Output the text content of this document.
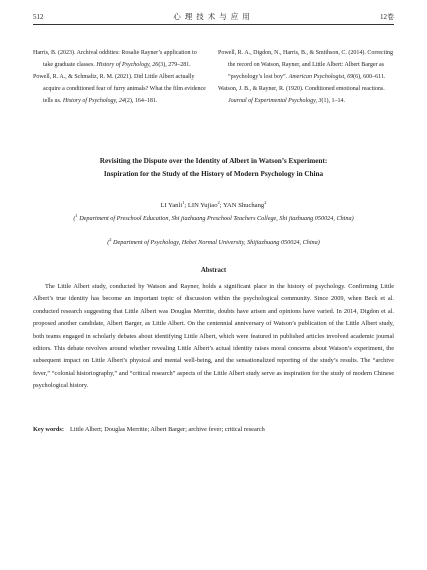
512	心理技术与应用	12卷

Harris, B. (2023). Archival oddities: Rosalie Rayner’s application to take graduate classes. History of Psychology, 26(3), 279–281.

Powell, R. A., & Schmaltz, R. M. (2021). Did Little Albert actually acquire a conditioned fear of furry animals? What the film evidence tells us. History of Psychology, 24(2), 164–181.

Powell, R. A., Digdon, N., Harris, B., & Smithson, C. (2014). Correcting the record on Watson, Rayner, and Little Albert: Albert Barger as “psychology’s lost boy”. American Psychologist, 69(6), 600–611.

Watson, J. B., & Rayner, R. (1920). Conditioned emotional reactions. Journal of Experimental Psychology, 3(1), 1–14.

Revisiting the Dispute over the Identity of Albert in Watson’s Experiment:
Inspiration for the Study of the History of Modern Psychology in China
LI Yanli$^1$; LIN Yujiao$^2$; YAN Shuchang$^2$
($^1$ Department of Preschool Education, Shi jiazhuang Preschool Teachers College, Shi jiazhuang 050024, China)
($^2$ Department of Psychology, Hebei Normal University, Shijiazhuang 050024, China)
Abstract

The Little Albert study, conducted by Watson and Rayner, holds a significant place in the history of psychology. Confirming Little Albert’s true identity has become an important topic of discussion within the psychological community. Since 2009, when Beck et al. conducted research suggesting that Little Albert was Douglas Merritte, doubts have arisen and opinions have varied. In 2014, Digdon et al. proposed another candidate, Albert Barger, as Little Albert. On the centennial anniversary of Watson’s publication of the Little Albert study, both teams engaged in scholarly debates about identifying Little Albert, which were featured in published articles involved academic journal editors. This debate revolves around whether revealing Little Albert’s actual identity raises moral concerns about Watson’s experiment, the subsequent impact on Little Albert’s physical and mental well-being, and the sensationalized reporting of the study’s results. The “archive fever,” “colonial historiography,” and “critical research” aspects of the Little Albert study serve as inspiration for the study of modern Chinese psychological history.

Key words: Little Albert; Douglas Merritte; Albert Barger; archive fever; critical research
